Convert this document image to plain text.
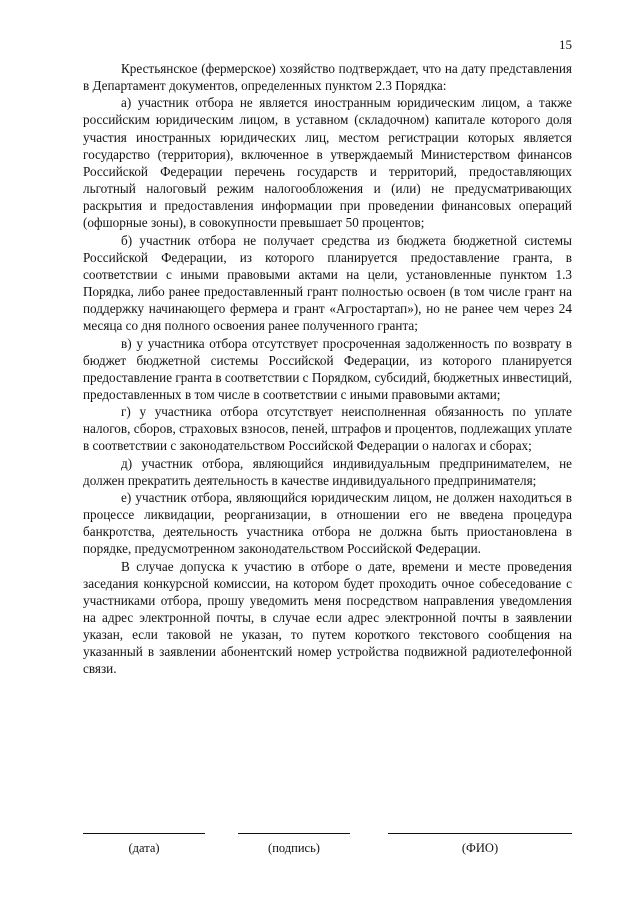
15

Крестьянское (фермерское) хозяйство подтверждает, что на дату представления в Департамент документов, определенных пунктом 2.3 Порядка:

а) участник отбора не является иностранным юридическим лицом, а также российским юридическим лицом, в уставном (складочном) капитале которого доля участия иностранных юридических лиц, местом регистрации которых является государство (территория), включенное в утверждаемый Министерством финансов Российской Федерации перечень государств и территорий, предоставляющих льготный налоговый режим налогообложения и (или) не предусматривающих раскрытия и предоставления информации при проведении финансовых операций (офшорные зоны), в совокупности превышает 50 процентов;

б) участник отбора не получает средства из бюджета бюджетной системы Российской Федерации, из которого планируется предоставление гранта, в соответствии с иными правовыми актами на цели, установленные пунктом 1.3 Порядка, либо ранее предоставленный грант полностью освоен (в том числе грант на поддержку начинающего фермера и грант «Агростартап»), но не ранее чем через 24 месяца со дня полного освоения ранее полученного гранта;

в) у участника отбора отсутствует просроченная задолженность по возврату в бюджет бюджетной системы Российской Федерации, из которого планируется предоставление гранта в соответствии с Порядком, субсидий, бюджетных инвестиций, предоставленных в том числе в соответствии с иными правовыми актами;

г) у участника отбора отсутствует неисполненная обязанность по уплате налогов, сборов, страховых взносов, пеней, штрафов и процентов, подлежащих уплате в соответствии с законодательством Российской Федерации о налогах и сборах;

д) участник отбора, являющийся индивидуальным предпринимателем, не должен прекратить деятельность в качестве индивидуального предпринимателя;

е) участник отбора, являющийся юридическим лицом, не должен находиться в процессе ликвидации, реорганизации, в отношении его не введена процедура банкротства, деятельность участника отбора не должна быть приостановлена в порядке, предусмотренном законодательством Российской Федерации.

В случае допуска к участию в отборе о дате, времени и месте проведения заседания конкурсной комиссии, на котором будет проходить очное собеседование с участниками отбора, прошу уведомить меня посредством направления уведомления на адрес электронной почты, в случае если адрес электронной почты в заявлении указан, если таковой не указан, то путем короткого текстового сообщения на указанный в заявлении абонентский номер устройства подвижной радиотелефонной связи.

(дата)	(подпись)	(ФИО)
